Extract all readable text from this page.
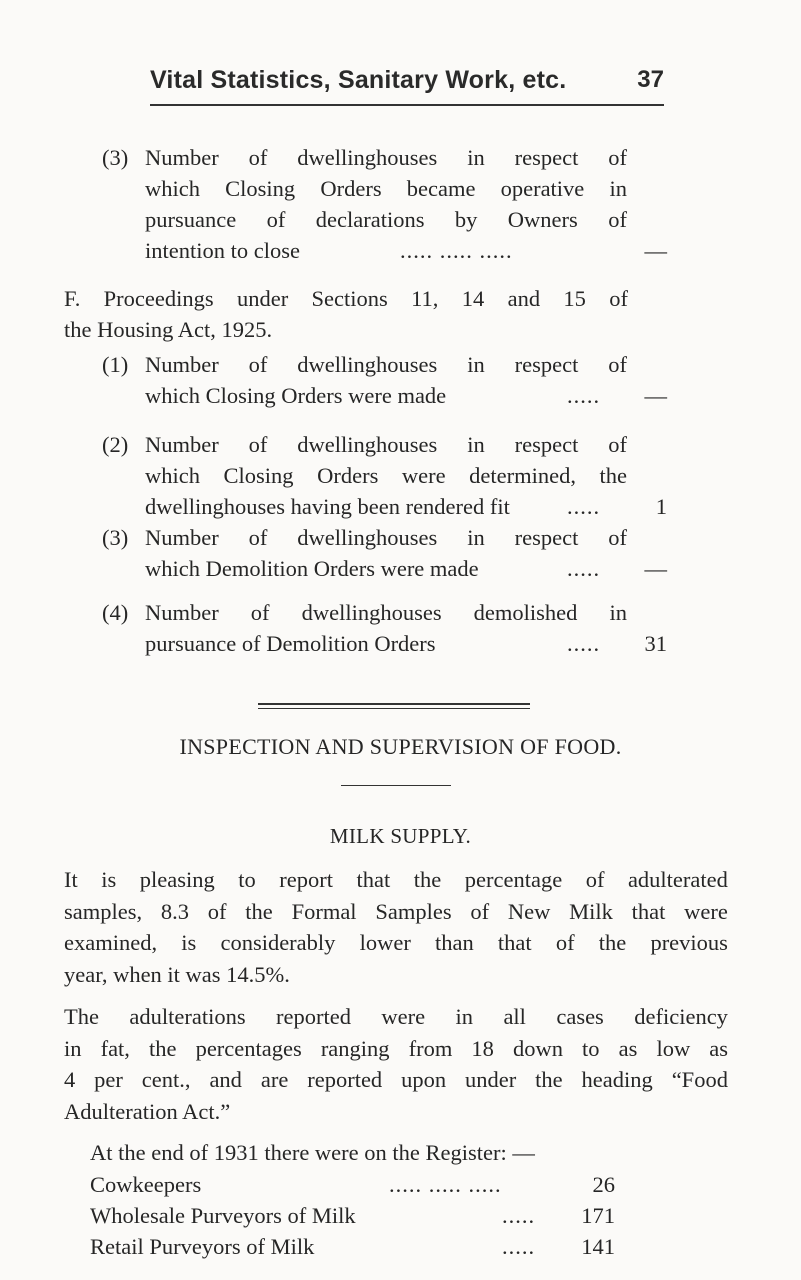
Vital Statistics, Sanitary Work, etc.	37
(3) Number of dwellinghouses in respect of
which Closing Orders became operative in
pursuance of declarations by Owners of
intention to close	..... ..... .....	—
F. Proceedings under Sections 11, 14 and 15 of
the Housing Act, 1925.
(1) Number of dwellinghouses in respect of
which Closing Orders were made	.....	—
(2) Number of dwellinghouses in respect of
which Closing Orders were determined, the
dwellinghouses having been rendered fit	.....	1
(3) Number of dwellinghouses in respect of
which Demolition Orders were made	.....	—
(4) Number of dwellinghouses demolished in
pursuance of Demolition Orders	.....	31
INSPECTION AND SUPERVISION OF FOOD.
MILK SUPPLY.
It is pleasing to report that the percentage of adulterated
samples, 8.3 of the Formal Samples of New Milk that were
examined, is considerably lower than that of the previous
year, when it was 14.5%.
The adulterations reported were in all cases deficiency
in fat, the percentages ranging from 18 down to as low as
4 per cent., and are reported upon under the heading “Food
Adulteration Act.”
At the end of 1931 there were on the Register: —
Cowkeepers	..... ..... .....	26
Wholesale Purveyors of Milk	.....	171
Retail Purveyors of Milk	.....	141
